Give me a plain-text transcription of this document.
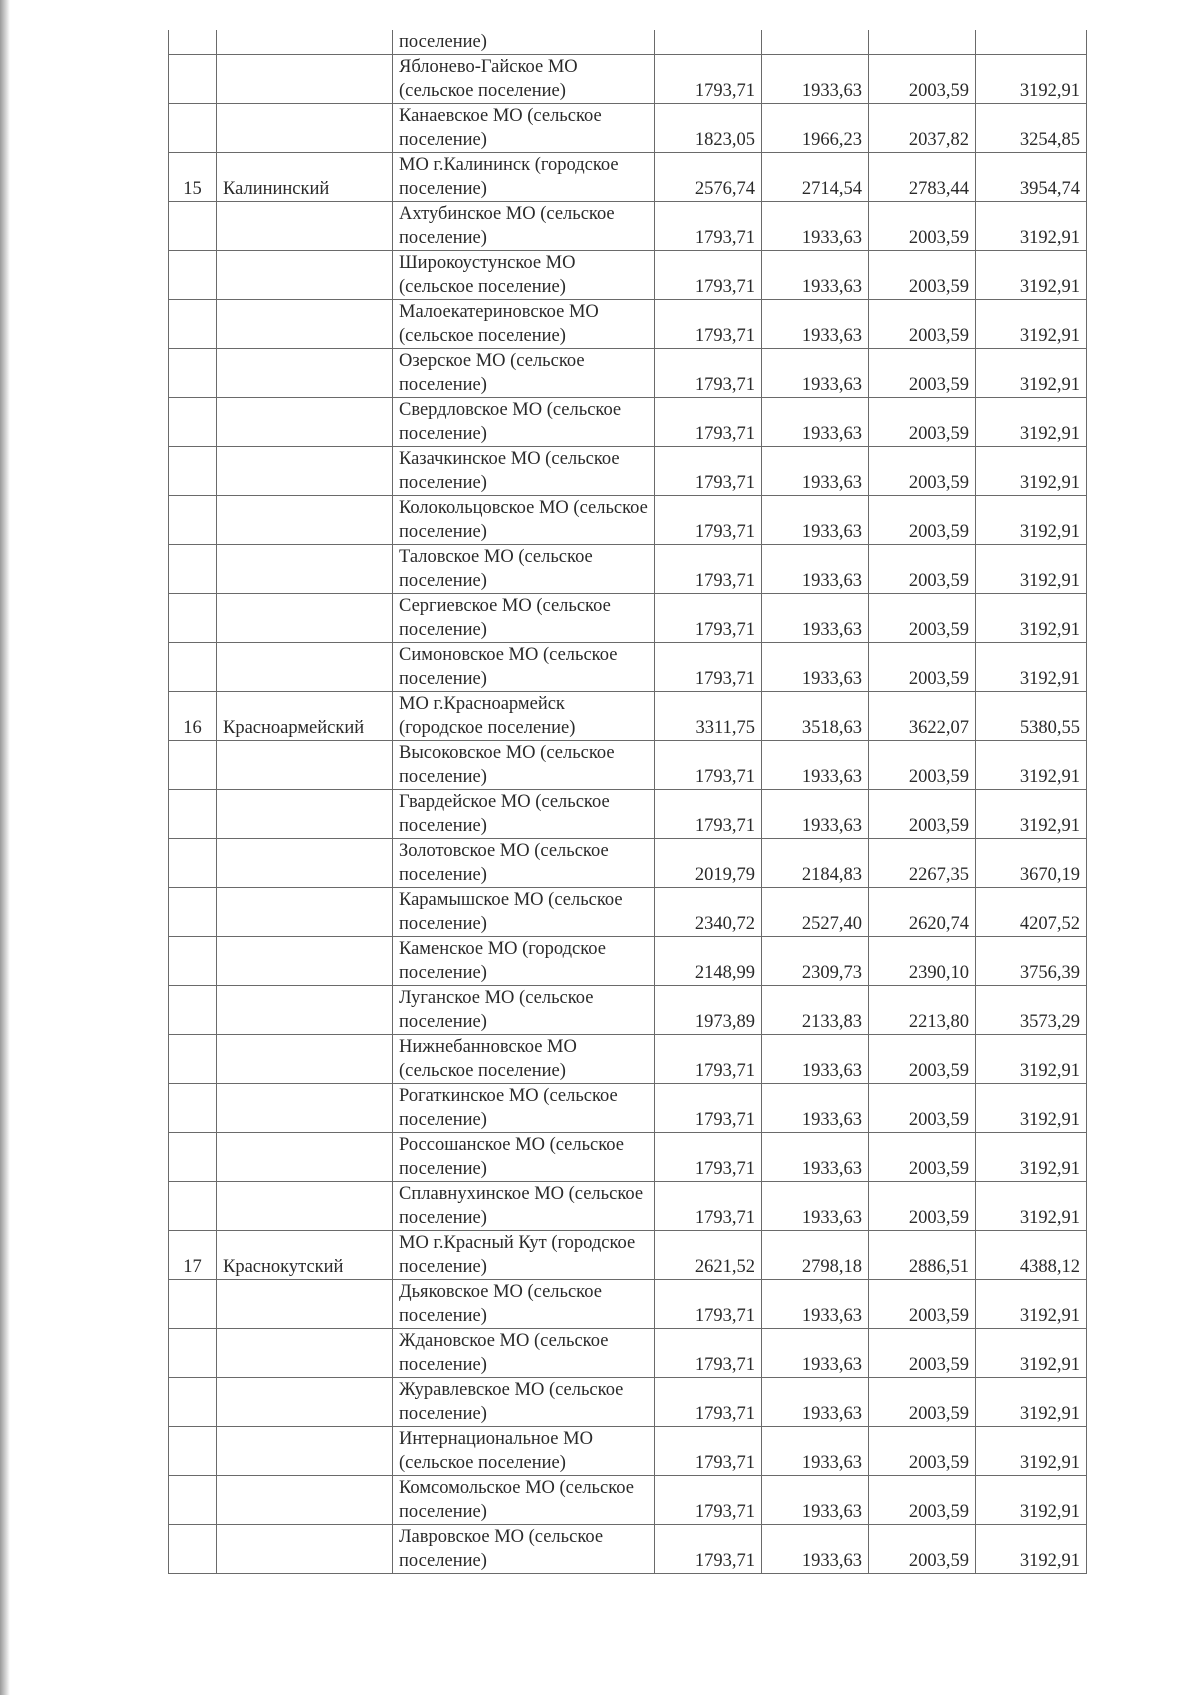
		поселение)				
		Яблонево-Гайское МО (сельское поселение)	1793,71	1933,63	2003,59	3192,91
		Канаевское МО (сельское поселение)	1823,05	1966,23	2037,82	3254,85
15	Калининский	МО г.Калининск (городское поселение)	2576,74	2714,54	2783,44	3954,74
		Ахтубинское МО (сельское поселение)	1793,71	1933,63	2003,59	3192,91
		Широкоустунское МО (сельское поселение)	1793,71	1933,63	2003,59	3192,91
		Малоекатериновское МО (сельское поселение)	1793,71	1933,63	2003,59	3192,91
		Озерское МО (сельское поселение)	1793,71	1933,63	2003,59	3192,91
		Свердловское МО (сельское поселение)	1793,71	1933,63	2003,59	3192,91
		Казачкинское МО (сельское поселение)	1793,71	1933,63	2003,59	3192,91
		Колокольцовское МО (сельское поселение)	1793,71	1933,63	2003,59	3192,91
		Таловское МО (сельское поселение)	1793,71	1933,63	2003,59	3192,91
		Сергиевское МО (сельское поселение)	1793,71	1933,63	2003,59	3192,91
		Симоновское МО (сельское поселение)	1793,71	1933,63	2003,59	3192,91
16	Красноармейский	МО г.Красноармейск (городское поселение)	3311,75	3518,63	3622,07	5380,55
		Высоковское МО (сельское поселение)	1793,71	1933,63	2003,59	3192,91
		Гвардейское МО (сельское поселение)	1793,71	1933,63	2003,59	3192,91
		Золотовское МО (сельское поселение)	2019,79	2184,83	2267,35	3670,19
		Карамышское МО (сельское поселение)	2340,72	2527,40	2620,74	4207,52
		Каменское МО (городское поселение)	2148,99	2309,73	2390,10	3756,39
		Луганское МО (сельское поселение)	1973,89	2133,83	2213,80	3573,29
		Нижнебанновское МО (сельское поселение)	1793,71	1933,63	2003,59	3192,91
		Рогаткинское МО (сельское поселение)	1793,71	1933,63	2003,59	3192,91
		Россошанское МО (сельское поселение)	1793,71	1933,63	2003,59	3192,91
		Сплавнухинское МО (сельское поселение)	1793,71	1933,63	2003,59	3192,91
17	Краснокутский	МО г.Красный Кут (городское поселение)	2621,52	2798,18	2886,51	4388,12
		Дьяковское МО (сельское поселение)	1793,71	1933,63	2003,59	3192,91
		Ждановское МО (сельское поселение)	1793,71	1933,63	2003,59	3192,91
		Журавлевское МО (сельское поселение)	1793,71	1933,63	2003,59	3192,91
		Интернациональное МО (сельское поселение)	1793,71	1933,63	2003,59	3192,91
		Комсомольское МО (сельское поселение)	1793,71	1933,63	2003,59	3192,91
		Лавровское МО (сельское поселение)	1793,71	1933,63	2003,59	3192,91
